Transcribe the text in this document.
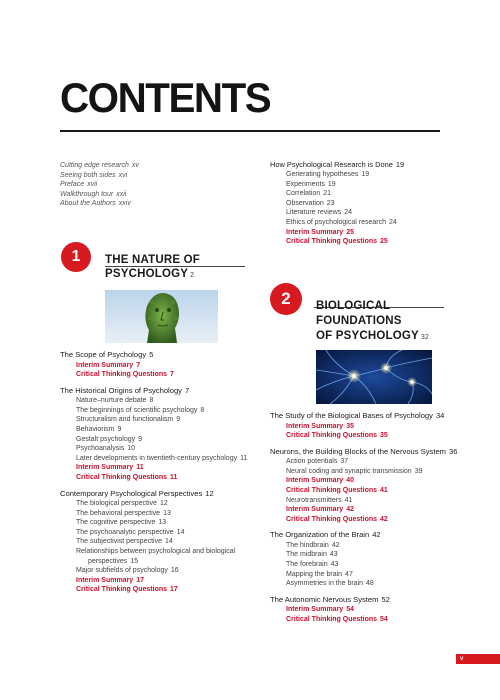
CONTENTS
Cutting edge research xv
Seeing both sides xvi
Preface xvii
Walkthrough tour xxii
About the Authors xxiv
How Psychological Research is Done 19
Generating hypotheses 19
Experiments 19
Correlation 21
Observation 23
Literature reviews 24
Ethics of psychological research 24
Interim Summary 25
Critical Thinking Questions 25
1	THE NATURE OF
PSYCHOLOGY 2
The Scope of Psychology 5
Interim Summary 7
Critical Thinking Questions 7
The Historical Origins of Psychology 7
Nature–nurture debate 8
The beginnings of scientific psychology 8
Structuralism and functionalism 9
Behaviorism 9
Gestalt psychology 9
Psychoanalysis 10
Later developments in twentieth-century psychology 11
Interim Summary 11
Critical Thinking Questions 11
Contemporary Psychological Perspectives 12
The biological perspective 12
The behavioral perspective 13
The cognitive perspective 13
The psychoanalytic perspective 14
The subjectivist perspective 14
Relationships between psychological and biological
perspectives 15
Major subfields of psychology 16
Interim Summary 17
Critical Thinking Questions 17
2	BIOLOGICAL
FOUNDATIONS
OF PSYCHOLOGY 32
The Study of the Biological Bases of Psychology 34
Interim Summary 35
Critical Thinking Questions 35
Neurons, the Building Blocks of the Nervous System 36
Action potentials 37
Neural coding and synaptic transmission 39
Interim Summary 40
Critical Thinking Questions 41
Neurotransmitters 41
Interim Summary 42
Critical Thinking Questions 42
The Organization of the Brain 42
The hindbrain 42
The midbrain 43
The forebrain 43
Mapping the brain 47
Asymmetries in the brain 48
The Autonomic Nervous System 52
Interim Summary 54
Critical Thinking Questions 54
v
